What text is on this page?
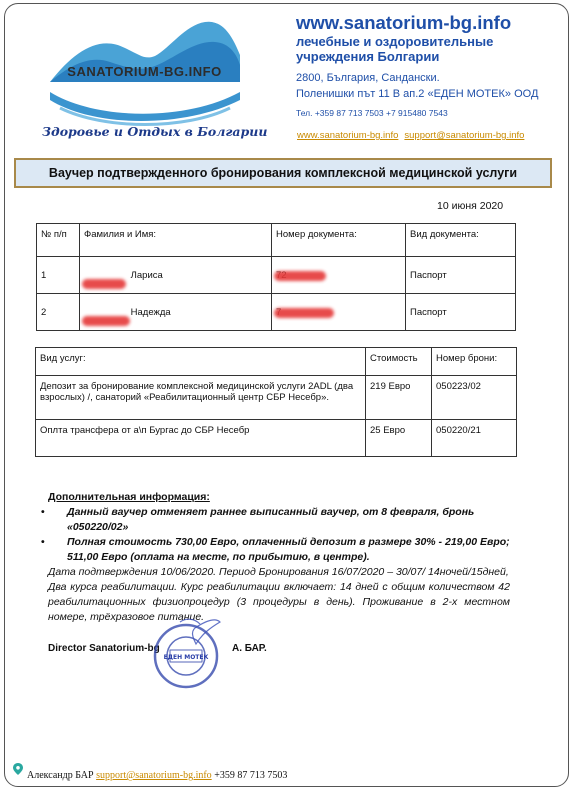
SANATORIUM-BG.INFO
Здоровье и Отдых в Болгарии
www.sanatorium-bg.info
лечебные и оздоровительные учреждения Болгарии
2800, България, Сандански.
Поленишки път 11 В ап.2 «ЕДЕН МОТЕК» ООД
Тел. +359 87 713 7503 +7 915480 7543
www.sanatorium-bg.info support@sanatorium-bg.info
Ваучер подтвержденного бронирования комплексной медицинской услуги
10 июня 2020
№ п/п	Фамилия и Имя:	Номер документа:	Вид документа:
1	Лариса		Паспорт
2	Надежда		Паспорт
Вид услуг:	Стоимость	Номер брони:
Депозит за бронирование комплексной медицинской услуги 2ADL (два взрослых) /, санаторий «Реабилитационный центр СБР Несебр».	219 Евро	050223/02
Оплта трансфера от а\п Бургас до СБР Несебр	25 Евро	050220/21
Дополнительная информация:
• Данный ваучер отменяет раннее выписанный ваучер, от 8 февраля, бронь «050220/02»
• Полная стоимость 730,00 Евро, оплаченный депозит в размере 30% - 219,00 Евро; 511,00 Евро (оплата на месте, по прибытию, в центре).
Дата подтверждения 10/06/2020. Период Бронирования 16/07/2020 – 30/07/ 14ночей/15дней,
Два курса реабилитации. Курс реабилитации включает: 14 дней с общим количеством 42 реабилитационных физиопроцедур (3 процедуры в день). Проживание в 2-х местном номере, трёхразовое питание.
Director Sanatorium-bg
ЕДЕН МОТЕК
А. БАР.
Александр БАР support@sanatorium-bg.info +359 87 713 7503
